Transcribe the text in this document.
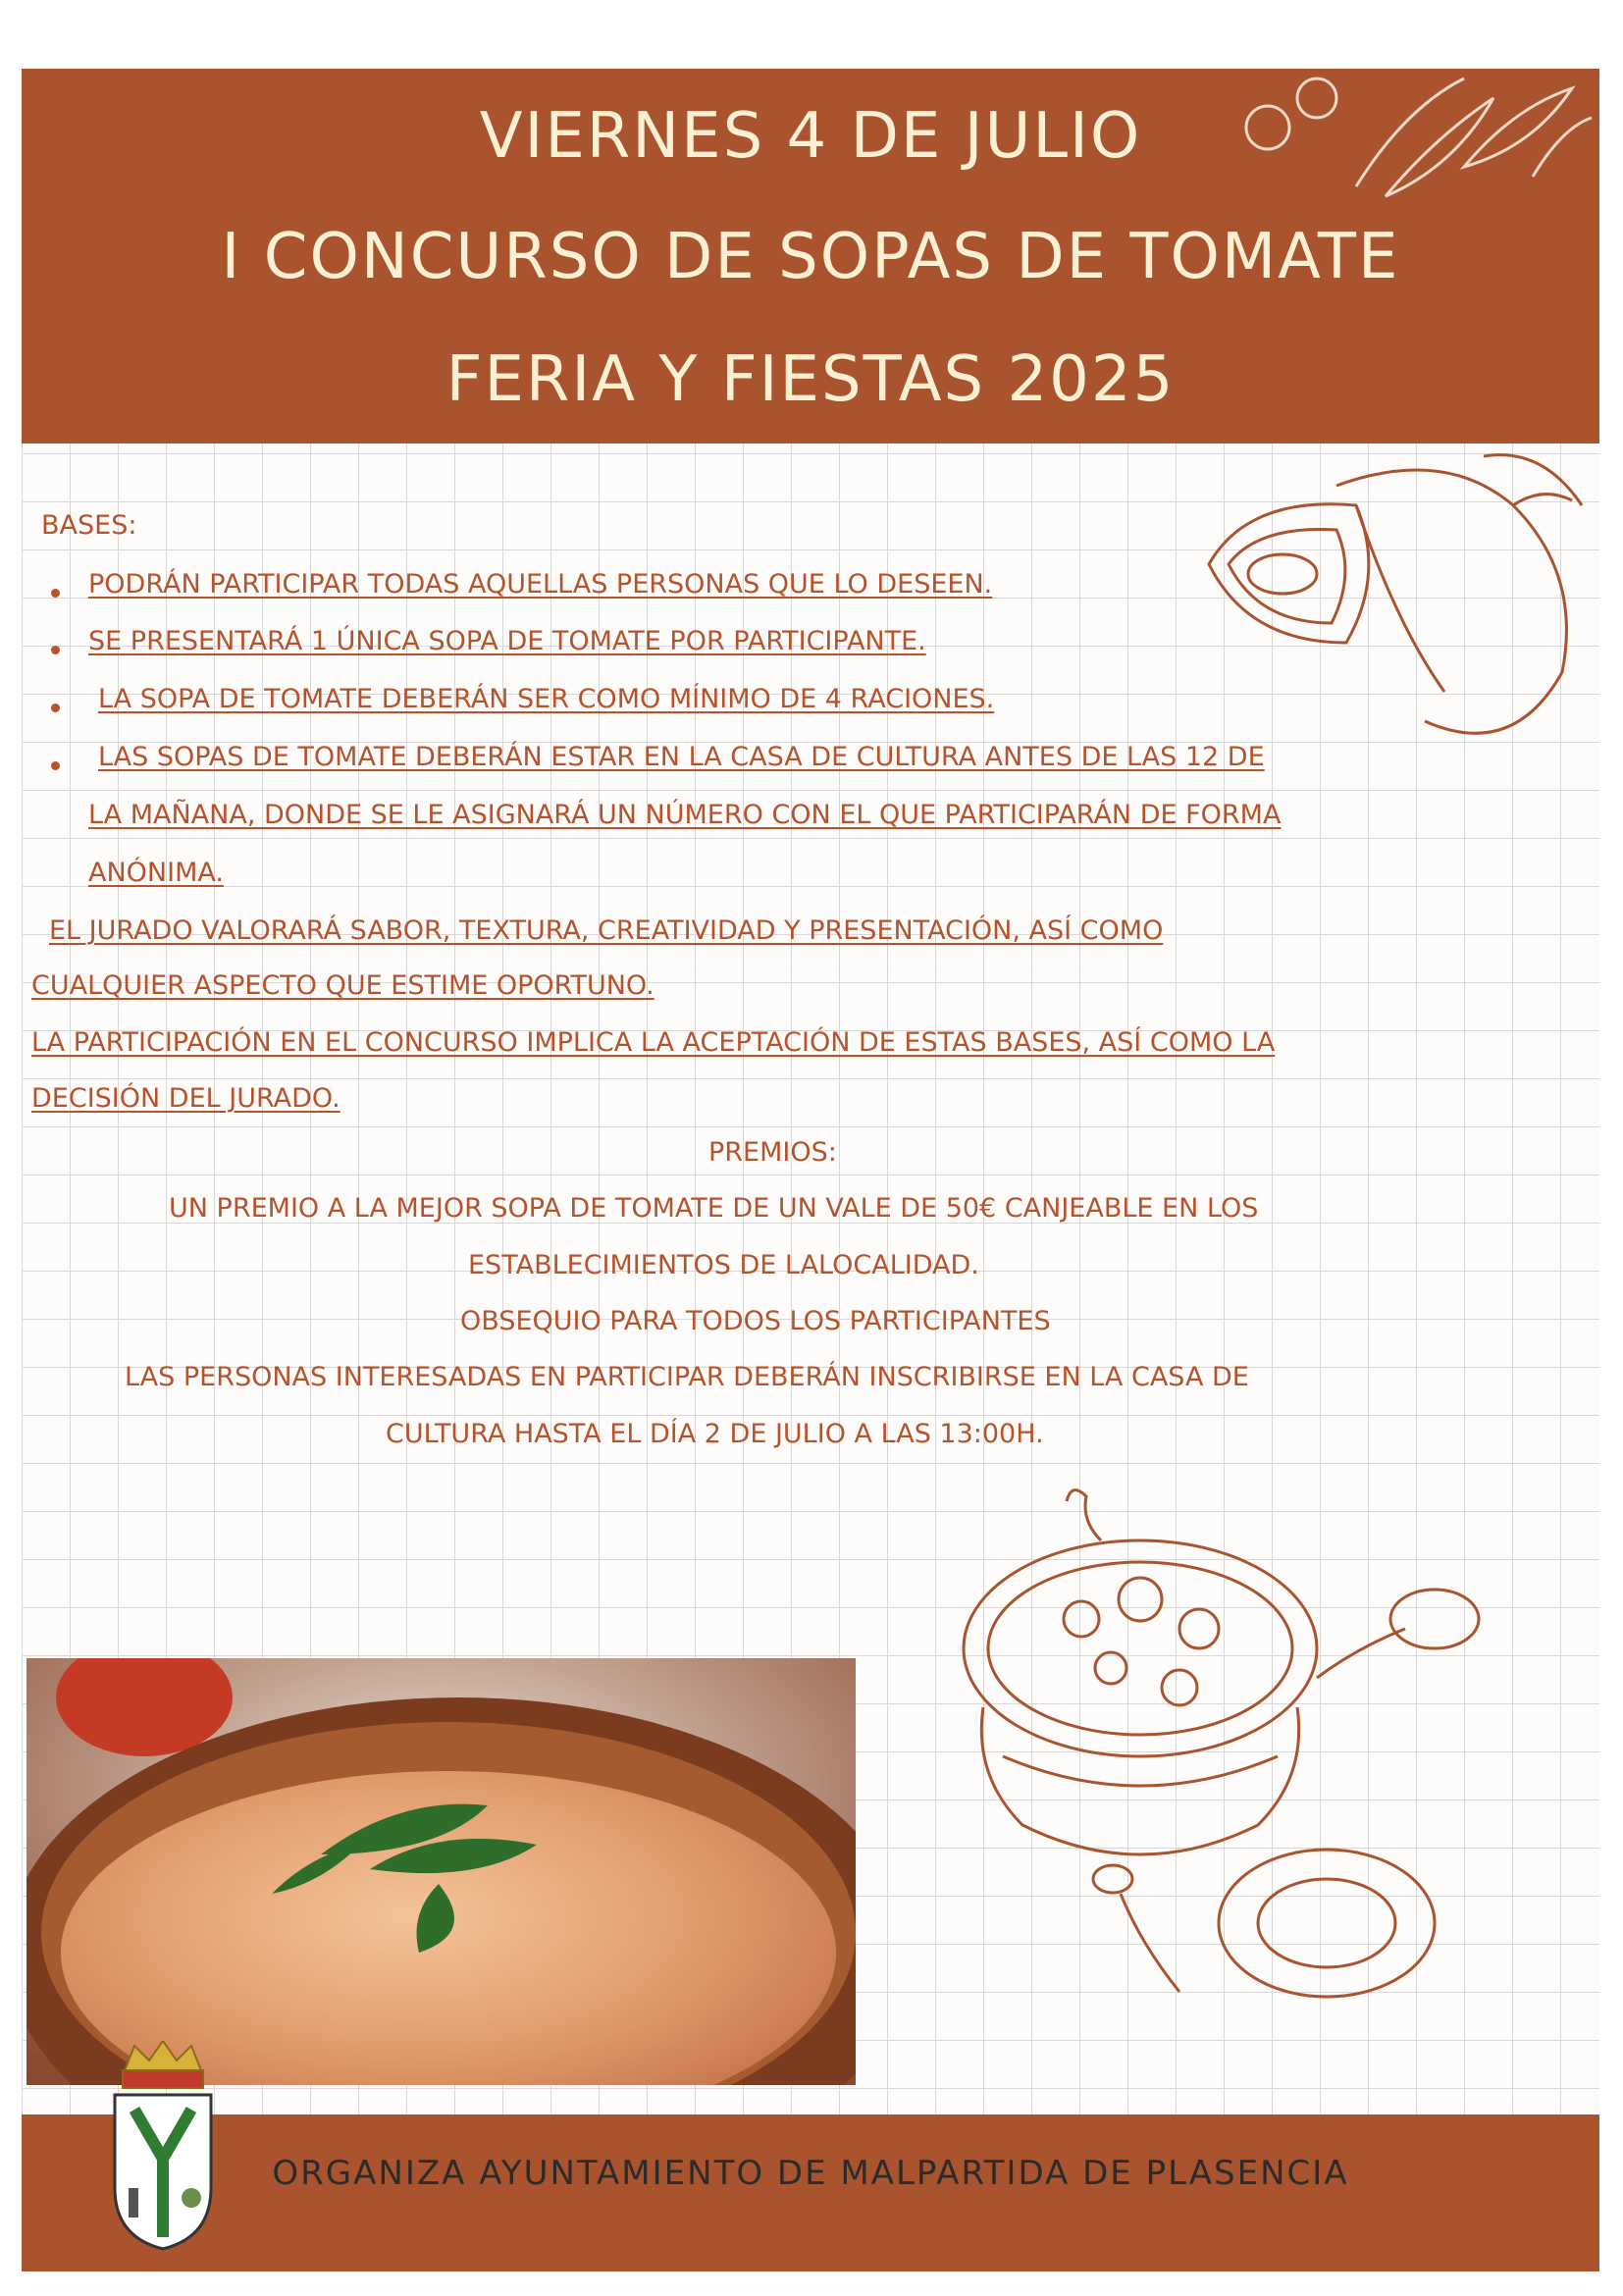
VIERNES 4 DE JULIO
I CONCURSO DE SOPAS DE TOMATE
FERIA Y FIESTAS 2025
BASES:
PODRÁN PARTICIPAR TODAS AQUELLAS PERSONAS QUE LO DESEEN.
SE PRESENTARÁ 1 ÚNICA SOPA DE TOMATE POR PARTICIPANTE.
LA SOPA DE TOMATE DEBERÁN SER COMO MÍNIMO DE 4 RACIONES.
LAS SOPAS DE TOMATE DEBERÁN ESTAR EN LA CASA DE CULTURA ANTES DE LAS 12 DE
LA MAÑANA, DONDE SE LE ASIGNARÁ UN NÚMERO CON EL QUE PARTICIPARÁN DE FORMA
ANÓNIMA.
EL JURADO VALORARÁ SABOR, TEXTURA, CREATIVIDAD Y PRESENTACIÓN, ASÍ COMO
CUALQUIER ASPECTO QUE ESTIME OPORTUNO.
LA PARTICIPACIÓN EN EL CONCURSO IMPLICA LA ACEPTACIÓN DE ESTAS BASES, ASÍ COMO LA
DECISIÓN DEL JURADO.
PREMIOS:
UN PREMIO A LA MEJOR SOPA DE TOMATE DE UN VALE DE 50€ CANJEABLE EN LOS
ESTABLECIMIENTOS DE LALOCALIDAD.
OBSEQUIO PARA TODOS LOS PARTICIPANTES
LAS PERSONAS INTERESADAS EN PARTICIPAR DEBERÁN INSCRIBIRSE EN LA CASA DE
CULTURA HASTA EL DÍA 2 DE JULIO A LAS 13:00H.
ORGANIZA AYUNTAMIENTO DE MALPARTIDA DE PLASENCIA
